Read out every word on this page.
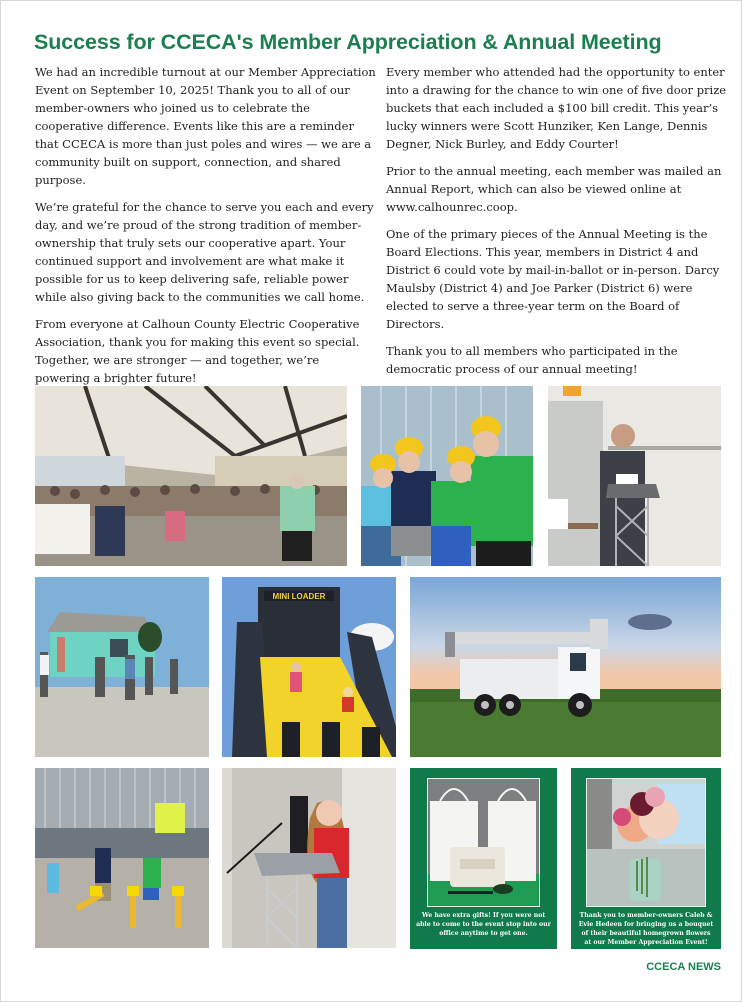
Success for CCECA's Member Appreciation & Annual Meeting

We had an incredible turnout at our Member Appreciation Event on September 10, 2025! Thank you to all of our member-owners who joined us to celebrate the cooperative difference. Events like this are a reminder that CCECA is more than just poles and wires — we are a community built on support, connection, and shared purpose.

We’re grateful for the chance to serve you each and every day, and we’re proud of the strong tradition of member-ownership that truly sets our cooperative apart. Your continued support and involvement are what make it possible for us to keep delivering safe, reliable power while also giving back to the communities we call home.

From everyone at Calhoun County Electric Cooperative Association, thank you for making this event so special. Together, we are stronger — and together, we’re powering a brighter future!

Every member who attended had the opportunity to enter into a drawing for the chance to win one of five door prize buckets that each included a $100 bill credit. This year’s lucky winners were Scott Hunziker, Ken Lange, Dennis Degner, Nick Burley, and Eddy Courter!

Prior to the annual meeting, each member was mailed an Annual Report, which can also be viewed online at www.calhounrec.coop.

One of the primary pieces of the Annual Meeting is the Board Elections. This year, members in District 4 and District 6 could vote by mail-in-ballot or in-person. Darcy Maulsby (District 4) and Joe Parker (District 6) were elected to serve a three-year term on the Board of Directors.

Thank you to all members who participated in the democratic process of our annual meeting!

MINI LOADER
We have extra gifts! If you were not able to come to the event stop into our office anytime to get one.
Thank you to member-owners Caleb & Evie Hedeen for bringing us a bouquet of their beautiful homegrown flowers at our Member Appreciation Event!
CCECA NEWS
